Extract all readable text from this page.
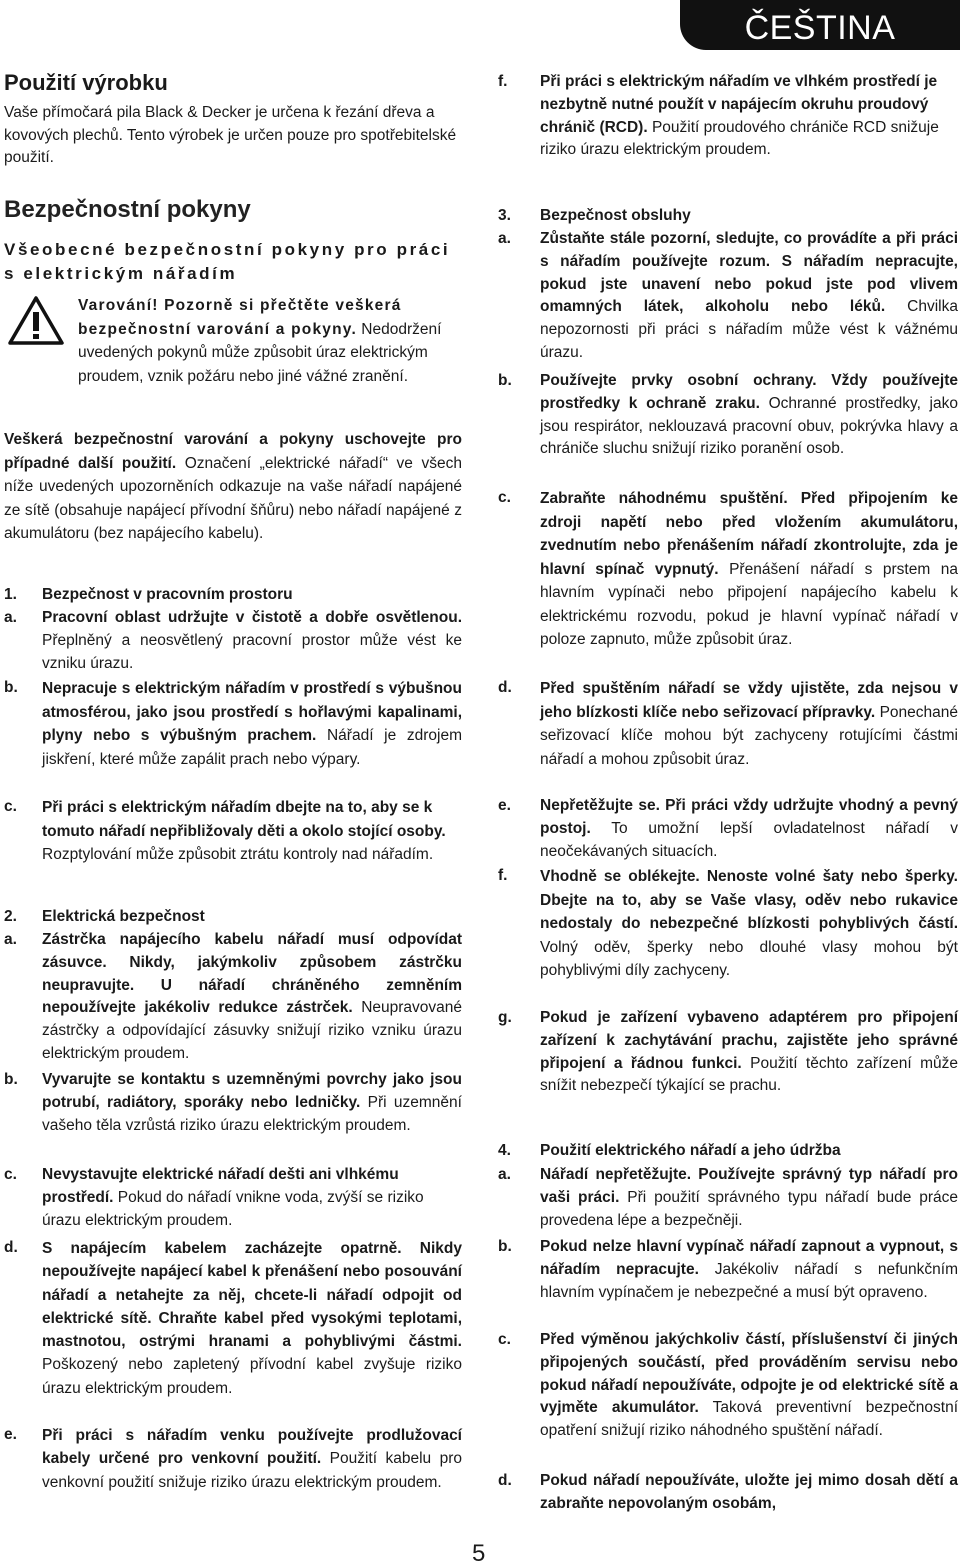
ČEŠTINA
Použití výrobku

Vaše přímočará pila Black & Decker je určena k řezání dřeva a kovových plechů. Tento výrobek je určen pouze pro spotřebitelské použití.

Bezpečnostní pokyny
Všeobecné bezpečnostní pokyny pro práci s elektrickým nářadím

Varování! Pozorně si přečtěte veškerá bezpečnostní varování a pokyny. Nedodržení uvedených pokynů může způsobit úraz elektrickým proudem, vznik požáru nebo jiné vážné zranění.

Veškerá bezpečnostní varování a pokyny uschovejte pro případné další použití. Označení „elektrické nářadí“ ve všech níže uvedených upozorněních odkazuje na vaše nářadí napájené ze sítě (obsahuje napájecí přívodní šňůru) nebo nářadí napájené z akumulátoru (bez napájecího kabelu).

1. Bezpečnost v pracovním prostoru
a. Pracovní oblast udržujte v čistotě a dobře osvětlenou. Přeplněný a neosvětlený pracovní prostor může vést ke vzniku úrazu.

b. Nepracuje s elektrickým nářadím v prostředí s výbušnou atmosférou, jako jsou prostředí s hořlavými kapalinami, plyny nebo s výbušným prachem. Nářadí je zdrojem jiskření, které může zapálit prach nebo výpary.

c. Při práci s elektrickým nářadím dbejte na to, aby se k tomuto nářadí nepřibližovaly děti a okolo stojící osoby. Rozptylování může způsobit ztrátu kontroly nad nářadím.

2. Elektrická bezpečnost
a. Zástrčka napájecího kabelu nářadí musí odpovídat zásuvce. Nikdy, jakýmkoliv způsobem zástrčku neupravujte. U nářadí chráněného zemněním nepoužívejte jakékoliv redukce zástrček. Neupravované zástrčky a odpovídající zásuvky snižují riziko vzniku úrazu elektrickým proudem.

b. Vyvarujte se kontaktu s uzemněnými povrchy jako jsou potrubí, radiátory, sporáky nebo ledničky. Při uzemnění vašeho těla vzrůstá riziko úrazu elektrickým proudem.

c. Nevystavujte elektrické nářadí dešti ani vlhkému prostředí. Pokud do nářadí vnikne voda, zvýší se riziko úrazu elektrickým proudem.

d. S napájecím kabelem zacházejte opatrně. Nikdy nepoužívejte napájecí kabel k přenášení nebo posouvání nářadí a netahejte za něj, chcete-li nářadí odpojit od elektrické sítě. Chraňte kabel před vysokými teplotami, mastnotou, ostrými hranami a pohyblivými částmi. Poškozený nebo zapletený přívodní kabel zvyšuje riziko úrazu elektrickým proudem.

e. Při práci s nářadím venku používejte prodlužovací kabely určené pro venkovní použití. Použití kabelu pro venkovní použití snižuje riziko úrazu elektrickým proudem.

f. Při práci s elektrickým nářadím ve vlhkém prostředí je nezbytně nutné použít v napájecím okruhu proudový chránič (RCD). Použití proudového chrániče RCD snižuje riziko úrazu elektrickým proudem.

3. Bezpečnost obsluhy
a. Zůstaňte stále pozorní, sledujte, co provádíte a při práci s nářadím používejte rozum. S nářadím nepracujte, pokud jste unavení nebo pokud jste pod vlivem omamných látek, alkoholu nebo léků. Chvilka nepozornosti při práci s nářadím může vést k vážnému úrazu.

b. Používejte prvky osobní ochrany. Vždy používejte prostředky k ochraně zraku. Ochranné prostředky, jako jsou respirátor, neklouzavá pracovní obuv, pokrývka hlavy a chrániče sluchu snižují riziko poranění osob.

c. Zabraňte náhodnému spuštění. Před připojením ke zdroji napětí nebo před vložením akumulátoru, zvednutím nebo přenášením nářadí zkontrolujte, zda je hlavní spínač vypnutý. Přenášení nářadí s prstem na hlavním vypínači nebo připojení napájecího kabelu k elektrickému rozvodu, pokud je hlavní vypínač nářadí v poloze zapnuto, může způsobit úraz.

d. Před spuštěním nářadí se vždy ujistěte, zda nejsou v jeho blízkosti klíče nebo seřizovací přípravky. Ponechané seřizovací klíče mohou být zachyceny rotujícími částmi nářadí a mohou způsobit úraz.

e. Nepřetěžujte se. Při práci vždy udržujte vhodný a pevný postoj. To umožní lepší ovladatelnost nářadí v neočekávaných situacích.

f. Vhodně se oblékejte. Nenoste volné šaty nebo šperky. Dbejte na to, aby se Vaše vlasy, oděv nebo rukavice nedostaly do nebezpečné blízkosti pohyblivých částí. Volný oděv, šperky nebo dlouhé vlasy mohou být pohyblivými díly zachyceny.

g. Pokud je zařízení vybaveno adaptérem pro připojení zařízení k zachytávání prachu, zajistěte jeho správné připojení a řádnou funkci. Použití těchto zařízení může snížit nebezpečí týkající se prachu.

4. Použití elektrického nářadí a jeho údržba
a. Nářadí nepřetěžujte. Používejte správný typ nářadí pro vaši práci. Při použití správného typu nářadí bude práce provedena lépe a bezpečněji.

b. Pokud nelze hlavní vypínač nářadí zapnout a vypnout, s nářadím nepracujte. Jakékoliv nářadí s nefunkčním hlavním vypínačem je nebezpečné a musí být opraveno.

c. Před výměnou jakýchkoliv částí, příslušenství či jiných připojených součástí, před prováděním servisu nebo pokud nářadí nepoužíváte, odpojte je od elektrické sítě a vyjměte akumulátor. Taková preventivní bezpečnostní opatření snižují riziko náhodného spuštění nářadí.

d. Pokud nářadí nepoužíváte, uložte jej mimo dosah dětí a zabraňte nepovolaným osobám,

5
